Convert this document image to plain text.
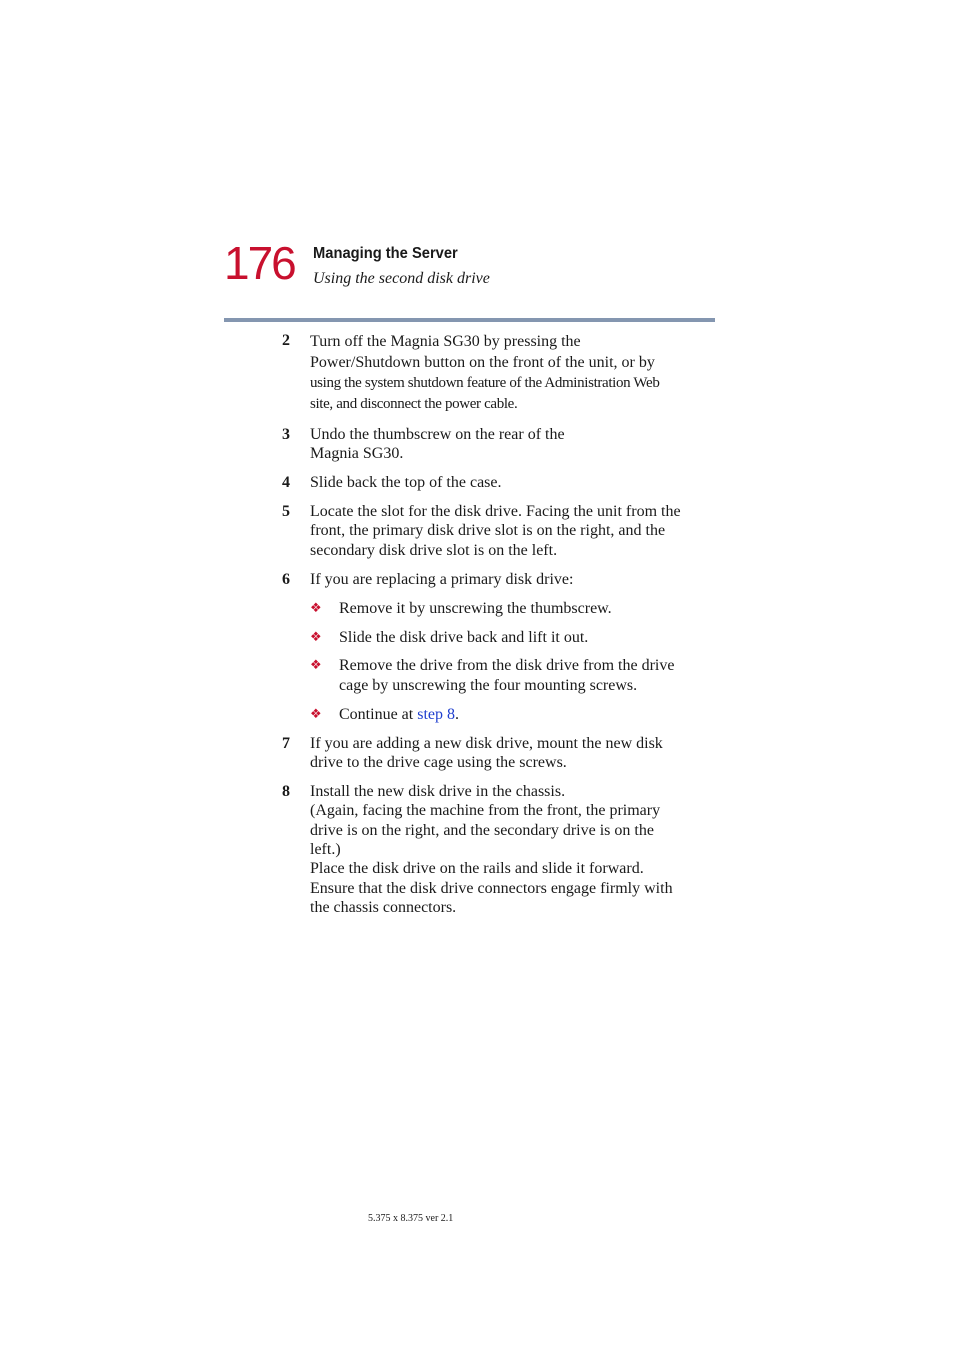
176 Managing the Server
Using the second disk drive
2	Turn off the Magnia SG30 by pressing the
Power/Shutdown button on the front of the unit, or by
using the system shutdown feature of the Administration Web
site, and disconnect the power cable.
3	Undo the thumbscrew on the rear of the
Magnia SG30.
4	Slide back the top of the case.
5	Locate the slot for the disk drive. Facing the unit from the
front, the primary disk drive slot is on the right, and the
secondary disk drive slot is on the left.
6	If you are replacing a primary disk drive:
❖	Remove it by unscrewing the thumbscrew.
❖	Slide the disk drive back and lift it out.
❖	Remove the drive from the disk drive from the drive
cage by unscrewing the four mounting screws.
❖	Continue at step 8.
7	If you are adding a new disk drive, mount the new disk
drive to the drive cage using the screws.
8	Install the new disk drive in the chassis.
(Again, facing the machine from the front, the primary
drive is on the right, and the secondary drive is on the
left.)
Place the disk drive on the rails and slide it forward.
Ensure that the disk drive connectors engage firmly with
the chassis connectors.
5.375 x 8.375 ver 2.1
